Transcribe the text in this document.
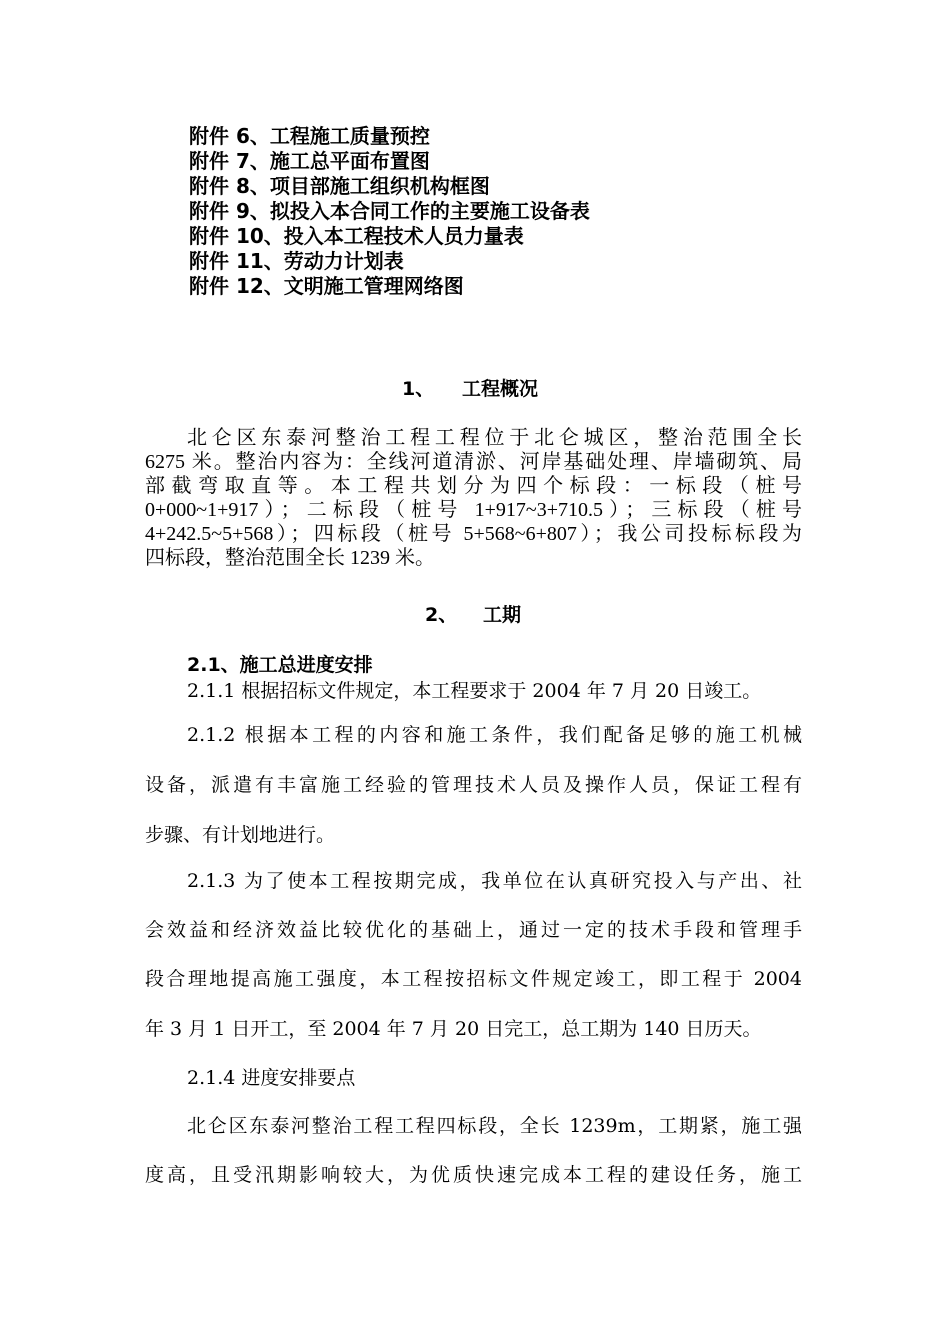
附件 6、工程施工质量预控
附件 7、施工总平面布置图
附件 8、项目部施工组织机构框图
附件 9、拟投入本合同工作的主要施工设备表
附件 10、投入本工程技术人员力量表
附件 11、劳动力计划表
附件 12、文明施工管理网络图
1、 工程概况
北仑区东泰河整治工程工程位于北仑城区，整治范围全长
6275 米。整治内容为：全线河道清淤、河岸基础处理、岸墙砌筑、局
部截弯取直等。本工程共划分为四个标段：一标段（桩号
0+000~1+917）；二标段（桩号 1+917~3+710.5）；三标段（桩号
4+242.5~5+568）；四标段（桩号 5+568~6+807）；我公司投标标段为
四标段，整治范围全长 1239 米。
2、 工期
2.1、施工总进度安排
2.1.1 根据招标文件规定，本工程要求于 2004 年 7 月 20 日竣工。
2.1.2 根据本工程的内容和施工条件，我们配备足够的施工机械
设备，派遣有丰富施工经验的管理技术人员及操作人员，保证工程有
步骤、有计划地进行。
2.1.3 为了使本工程按期完成，我单位在认真研究投入与产出、社
会效益和经济效益比较优化的基础上，通过一定的技术手段和管理手
段合理地提高施工强度，本工程按招标文件规定竣工，即工程于 2004
年 3 月 1 日开工，至 2004 年 7 月 20 日完工，总工期为 140 日历天。
2.1.4 进度安排要点
北仑区东泰河整治工程工程四标段，全长 1239m，工期紧，施工强
度高，且受汛期影响较大，为优质快速完成本工程的建设任务，施工
